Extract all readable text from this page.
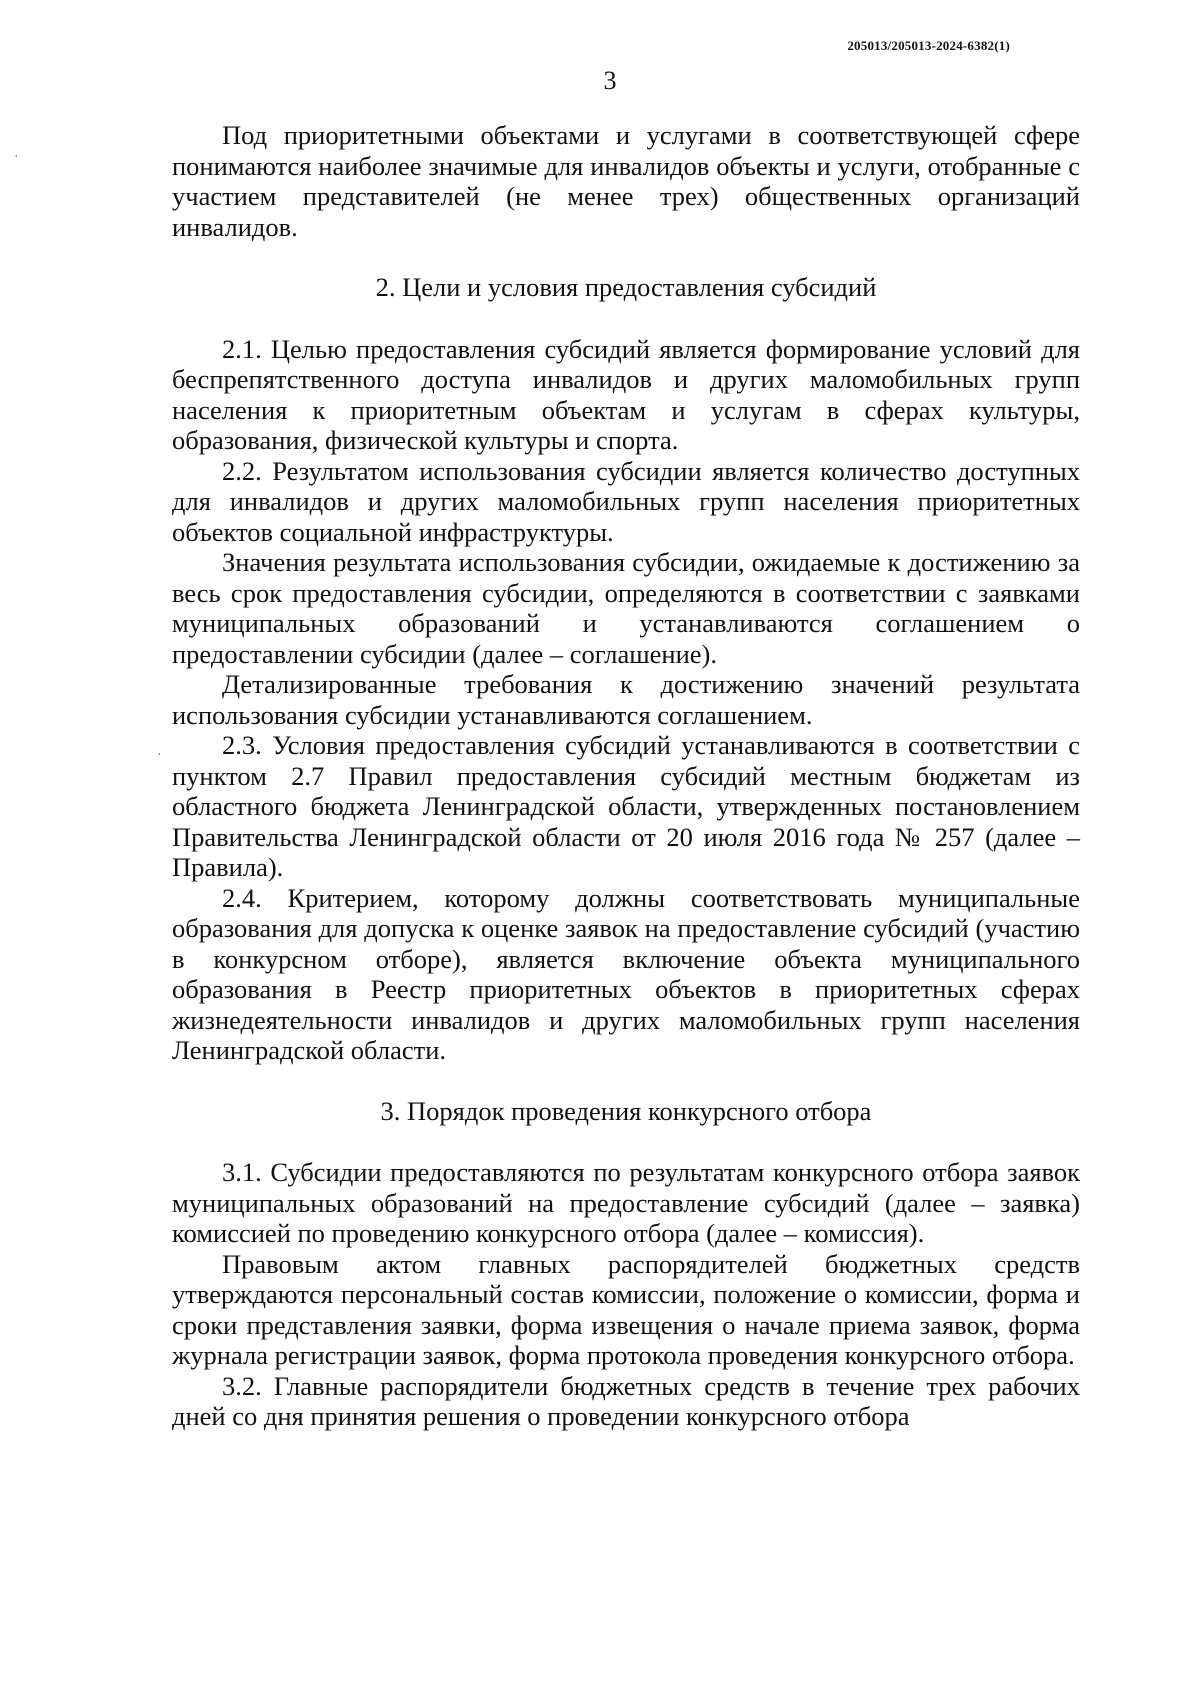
205013/205013-2024-6382(1)
3
·
·

Под приоритетными объектами и услугами в соответствующей сфере понимаются наиболее значимые для инвалидов объекты и услуги, отобранные с участием представителей (не менее трех) общественных организаций инвалидов.

2. Цели и условия предоставления субсидий

2.1. Целью предоставления субсидий является формирование условий для беспрепятственного доступа инвалидов и других маломобильных групп населения к приоритетным объектам и услугам в сферах культуры, образования, физической культуры и спорта.

2.2. Результатом использования субсидии является количество доступных для инвалидов и других маломобильных групп населения приоритетных объектов социальной инфраструктуры.

Значения результата использования субсидии, ожидаемые к достижению за весь срок предоставления субсидии, определяются в соответствии с заявками муниципальных образований и устанавливаются соглашением о предоставлении субсидии (далее – соглашение).

Детализированные требования к достижению значений результата использования субсидии устанавливаются соглашением.

2.3. Условия предоставления субсидий устанавливаются в соответствии с пунктом 2.7 Правил предоставления субсидий местным бюджетам из областного бюджета Ленинградской области, утвержденных постановлением Правительства Ленинградской области от 20 июля 2016 года № 257 (далее – Правила).

2.4. Критерием, которому должны соответствовать муниципальные образования для допуска к оценке заявок на предоставление субсидий (участию в конкурсном отборе), является включение объекта муниципального образования в Реестр приоритетных объектов в приоритетных сферах жизнедеятельности инвалидов и других маломобильных групп населения Ленинградской области.

3. Порядок проведения конкурсного отбора

3.1. Субсидии предоставляются по результатам конкурсного отбора заявок муниципальных образований на предоставление субсидий (далее – заявка) комиссией по проведению конкурсного отбора (далее – комиссия).

Правовым актом главных распорядителей бюджетных средств утверждаются персональный состав комиссии, положение о комиссии, форма и сроки представления заявки, форма извещения о начале приема заявок, форма журнала регистрации заявок, форма протокола проведения конкурсного отбора.

3.2. Главные распорядители бюджетных средств в течение трех рабочих дней со дня принятия решения о проведении конкурсного отбора
